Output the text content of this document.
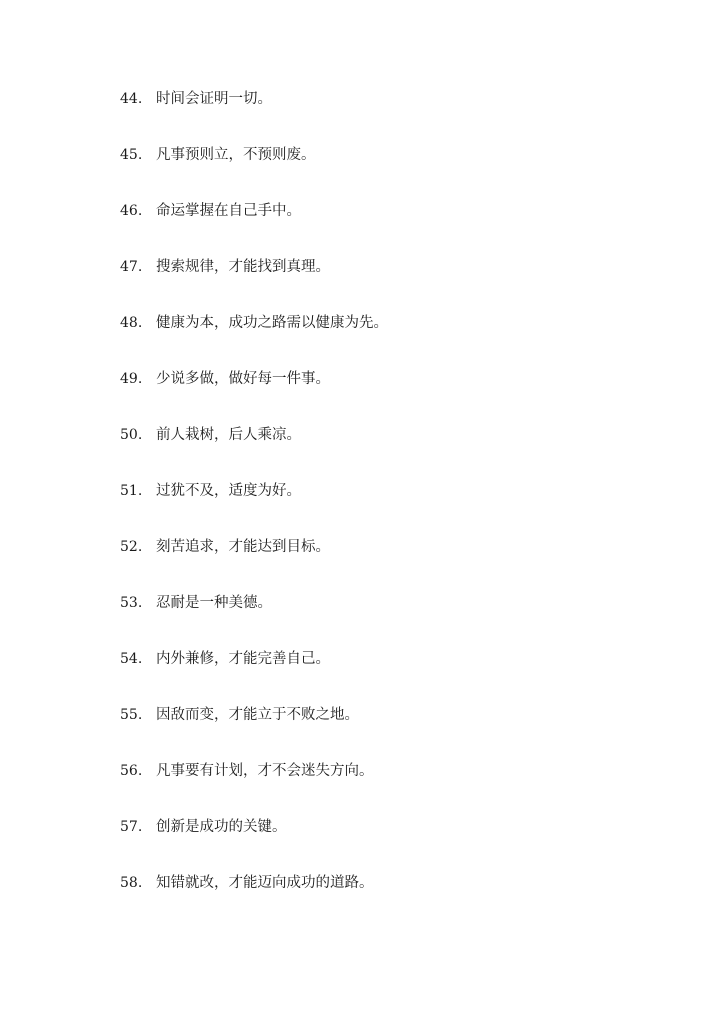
44. 时间会证明一切。
45. 凡事预则立，不预则废。
46. 命运掌握在自己手中。
47. 搜索规律，才能找到真理。
48. 健康为本，成功之路需以健康为先。
49. 少说多做，做好每一件事。
50. 前人栽树，后人乘凉。
51. 过犹不及，适度为好。
52. 刻苦追求，才能达到目标。
53. 忍耐是一种美德。
54. 内外兼修，才能完善自己。
55. 因敌而变，才能立于不败之地。
56. 凡事要有计划，才不会迷失方向。
57. 创新是成功的关键。
58. 知错就改，才能迈向成功的道路。
